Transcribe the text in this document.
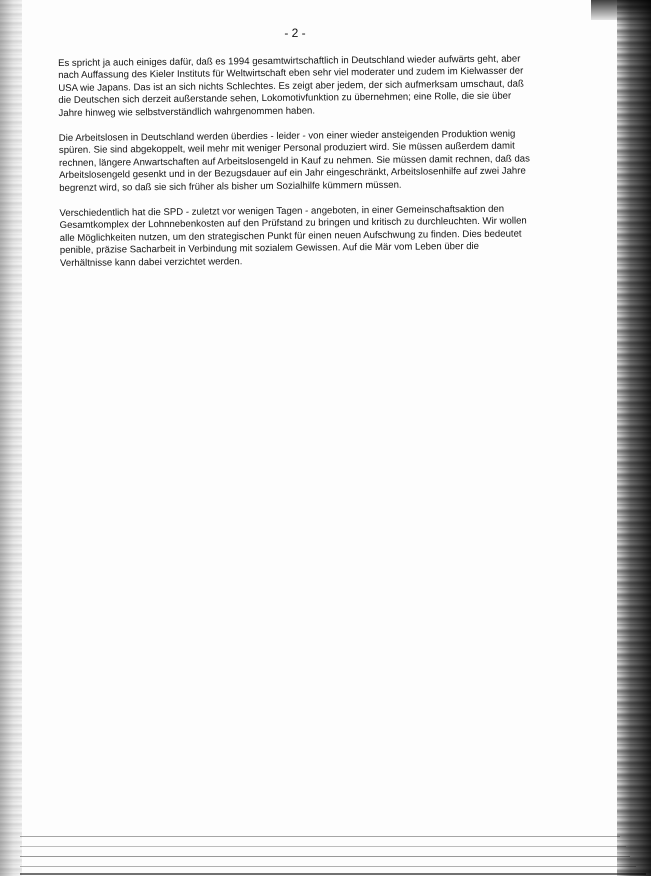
- 2 -

Es spricht ja auch einiges dafür, daß es 1994 gesamtwirtschaftlich in Deutschland wieder aufwärts geht, aber nach Auffassung des Kieler Instituts für Weltwirtschaft eben sehr viel moderater und zudem im Kielwasser der USA wie Japans. Das ist an sich nichts Schlechtes. Es zeigt aber jedem, der sich aufmerksam umschaut, daß die Deutschen sich derzeit außerstande sehen, Lokomotivfunktion zu übernehmen; eine Rolle, die sie über Jahre hinweg wie selbstverständlich wahrgenommen haben.

Die Arbeitslosen in Deutschland werden überdies - leider - von einer wieder ansteigenden Produktion wenig spüren. Sie sind abgekoppelt, weil mehr mit weniger Personal produziert wird. Sie müssen außerdem damit rechnen, längere Anwartschaften auf Arbeitslosengeld in Kauf zu nehmen. Sie müssen damit rechnen, daß das Arbeitslosengeld gesenkt und in der Bezugsdauer auf ein Jahr eingeschränkt, Arbeitslosenhilfe auf zwei Jahre begrenzt wird, so daß sie sich früher als bisher um Sozialhilfe kümmern müssen.

Verschiedentlich hat die SPD - zuletzt vor wenigen Tagen - angeboten, in einer Gemeinschaftsaktion den Gesamtkomplex der Lohnnebenkosten auf den Prüfstand zu bringen und kritisch zu durchleuchten. Wir wollen alle Möglichkeiten nutzen, um den strategischen Punkt für einen neuen Aufschwung zu finden. Dies bedeutet penible, präzise Sacharbeit in Verbindung mit sozialem Gewissen. Auf die Mär vom Leben über die Verhältnisse kann dabei verzichtet werden.
